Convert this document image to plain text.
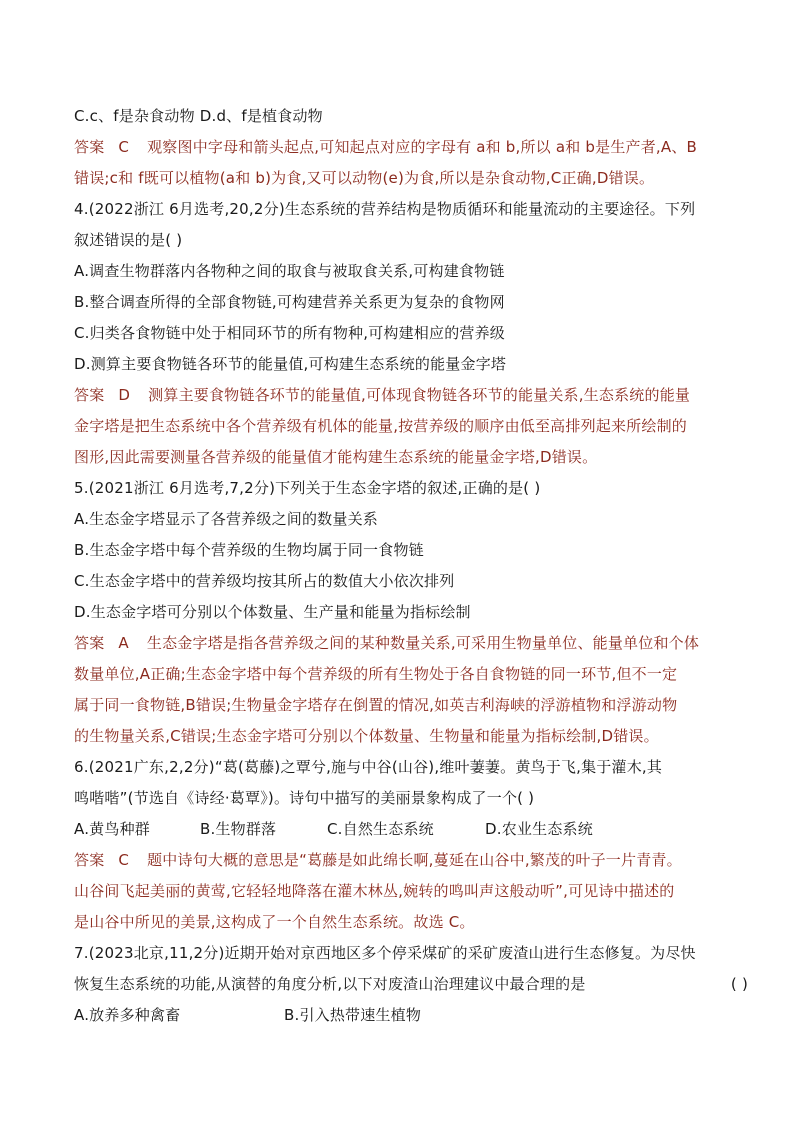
C.c、f是杂食动物 D.d、f是植食动物
答案 C 观察图中字母和箭头起点,可知起点对应的字母有 a和 b,所以 a和 b是生产者,A、B
错误;c和 f既可以植物(a和 b)为食,又可以动物(e)为食,所以是杂食动物,C正确,D错误。
4.(2022浙江 6月选考,20,2分)生态系统的营养结构是物质循环和能量流动的主要途径。下列
叙述错误的是( )
A.调查生物群落内各物种之间的取食与被取食关系,可构建食物链
B.整合调查所得的全部食物链,可构建营养关系更为复杂的食物网
C.归类各食物链中处于相同环节的所有物种,可构建相应的营养级
D.测算主要食物链各环节的能量值,可构建生态系统的能量金字塔
答案 D 测算主要食物链各环节的能量值,可体现食物链各环节的能量关系,生态系统的能量
金字塔是把生态系统中各个营养级有机体的能量,按营养级的顺序由低至高排列起来所绘制的
图形,因此需要测量各营养级的能量值才能构建生态系统的能量金字塔,D错误。
5.(2021浙江 6月选考,7,2分)下列关于生态金字塔的叙述,正确的是( )
A.生态金字塔显示了各营养级之间的数量关系
B.生态金字塔中每个营养级的生物均属于同一食物链
C.生态金字塔中的营养级均按其所占的数值大小依次排列
D.生态金字塔可分别以个体数量、生产量和能量为指标绘制
答案 A 生态金字塔是指各营养级之间的某种数量关系,可采用生物量单位、能量单位和个体
数量单位,A正确;生态金字塔中每个营养级的所有生物处于各自食物链的同一环节,但不一定
属于同一食物链,B错误;生物量金字塔存在倒置的情况,如英吉利海峡的浮游植物和浮游动物
的生物量关系,C错误;生态金字塔可分别以个体数量、生物量和能量为指标绘制,D错误。
6.(2021广东,2,2分)“葛(葛藤)之覃兮,施与中谷(山谷),维叶萋萋。黄鸟于飞,集于灌木,其
鸣喈喈”(节选自《诗经·葛覃》)。诗句中描写的美丽景象构成了一个( )
A.黄鸟种群	B.生物群落	C.自然生态系统	D.农业生态系统
答案 C 题中诗句大概的意思是“葛藤是如此绵长啊,蔓延在山谷中,繁茂的叶子一片青青。
山谷间飞起美丽的黄莺,它轻轻地降落在灌木林丛,婉转的鸣叫声这般动听”,可见诗中描述的
是山谷中所见的美景,这构成了一个自然生态系统。故选 C。
7.(2023北京,11,2分)近期开始对京西地区多个停采煤矿的采矿废渣山进行生态修复。为尽快
恢复生态系统的功能,从演替的角度分析,以下对废渣山治理建议中最合理的是	( )
A.放养多种禽畜	B.引入热带速生植物
